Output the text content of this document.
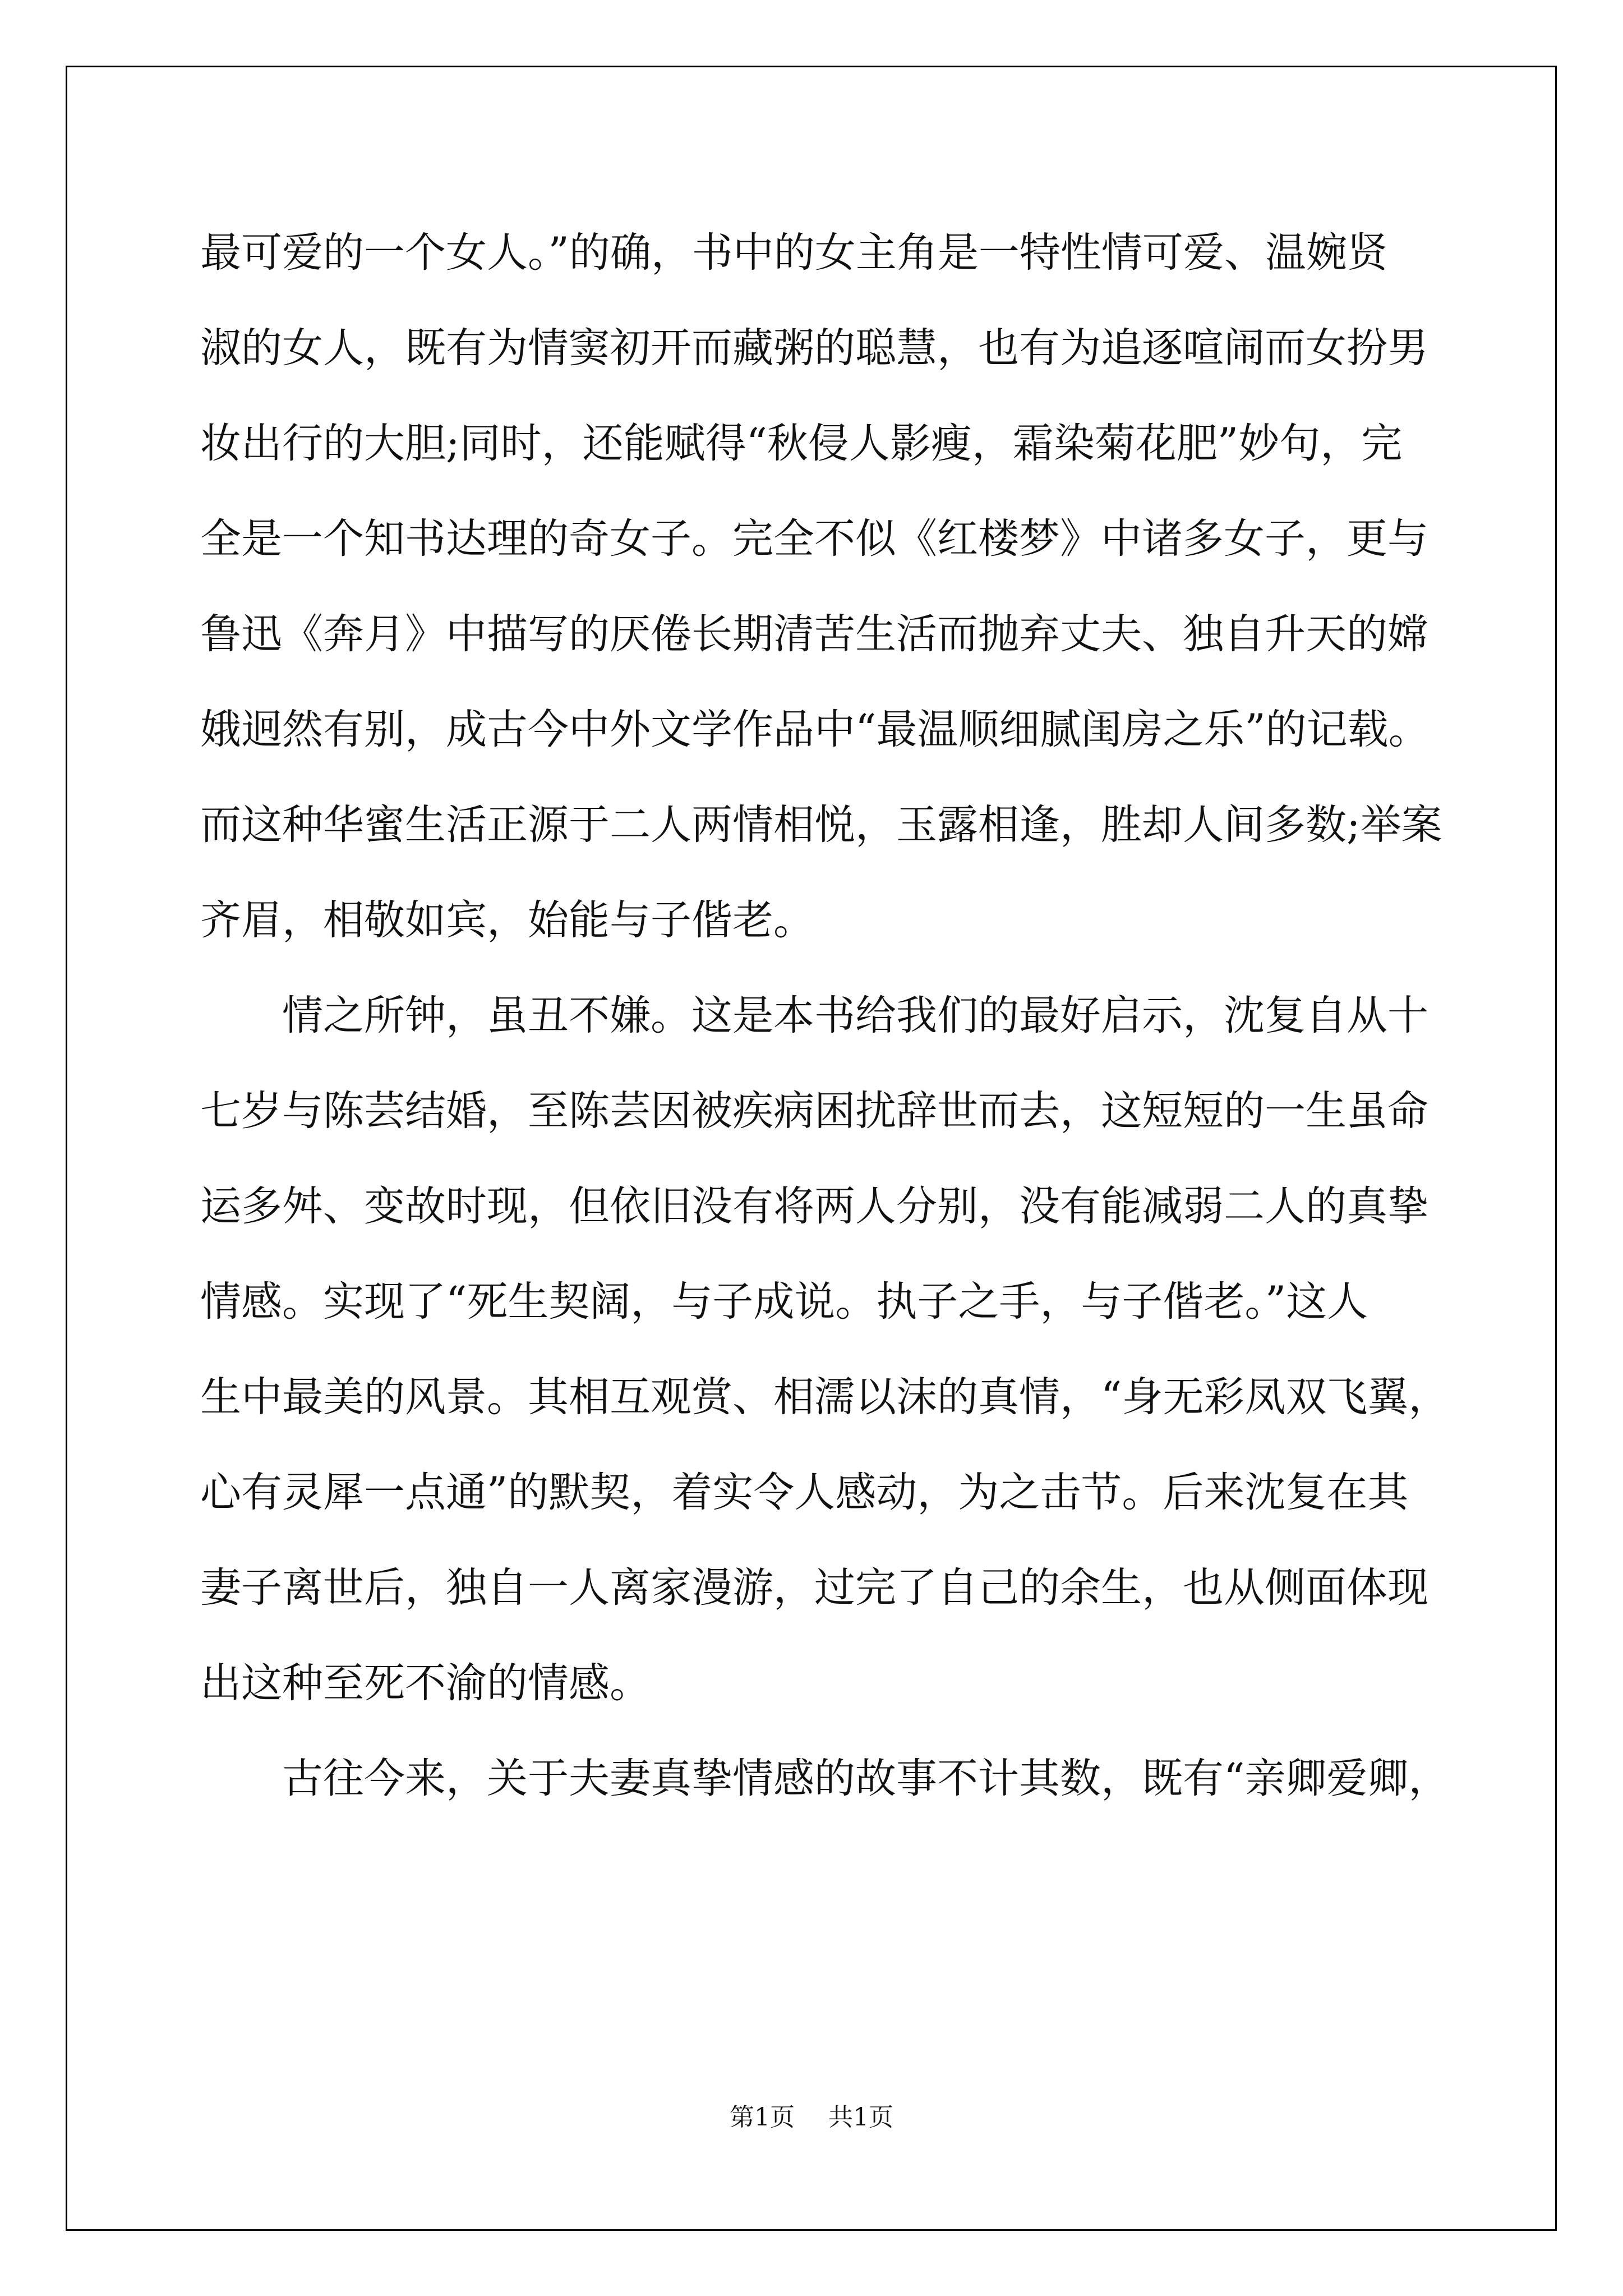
最可爱的一个女人。”的确，书中的女主角是一特性情可爱、温婉贤
淑的女人，既有为情窦初开而藏粥的聪慧，也有为追逐喧闹而女扮男
妆出行的大胆;同时，还能赋得“秋侵人影瘦，霜染菊花肥”妙句，完
全是一个知书达理的奇女子。完全不似《红楼梦》中诸多女子，更与
鲁迅《奔月》中描写的厌倦长期清苦生活而抛弃丈夫、独自升天的嫦
娥迥然有别，成古今中外文学作品中“最温顺细腻闺房之乐”的记载。
而这种华蜜生活正源于二人两情相悦，玉露相逢，胜却人间多数;举案
齐眉，相敬如宾，始能与子偕老。
情之所钟，虽丑不嫌。这是本书给我们的最好启示，沈复自从十
七岁与陈芸结婚，至陈芸因被疾病困扰辞世而去，这短短的一生虽命
运多舛、变故时现，但依旧没有将两人分别，没有能减弱二人的真挚
情感。实现了“死生契阔，与子成说。执子之手，与子偕老。”这人
生中最美的风景。其相互观赏、相濡以沫的真情，“身无彩凤双飞翼，
心有灵犀一点通”的默契，着实令人感动，为之击节。后来沈复在其
妻子离世后，独自一人离家漫游，过完了自己的余生，也从侧面体现
出这种至死不渝的情感。
古往今来，关于夫妻真挚情感的故事不计其数，既有“亲卿爱卿，
第1页 共1页
